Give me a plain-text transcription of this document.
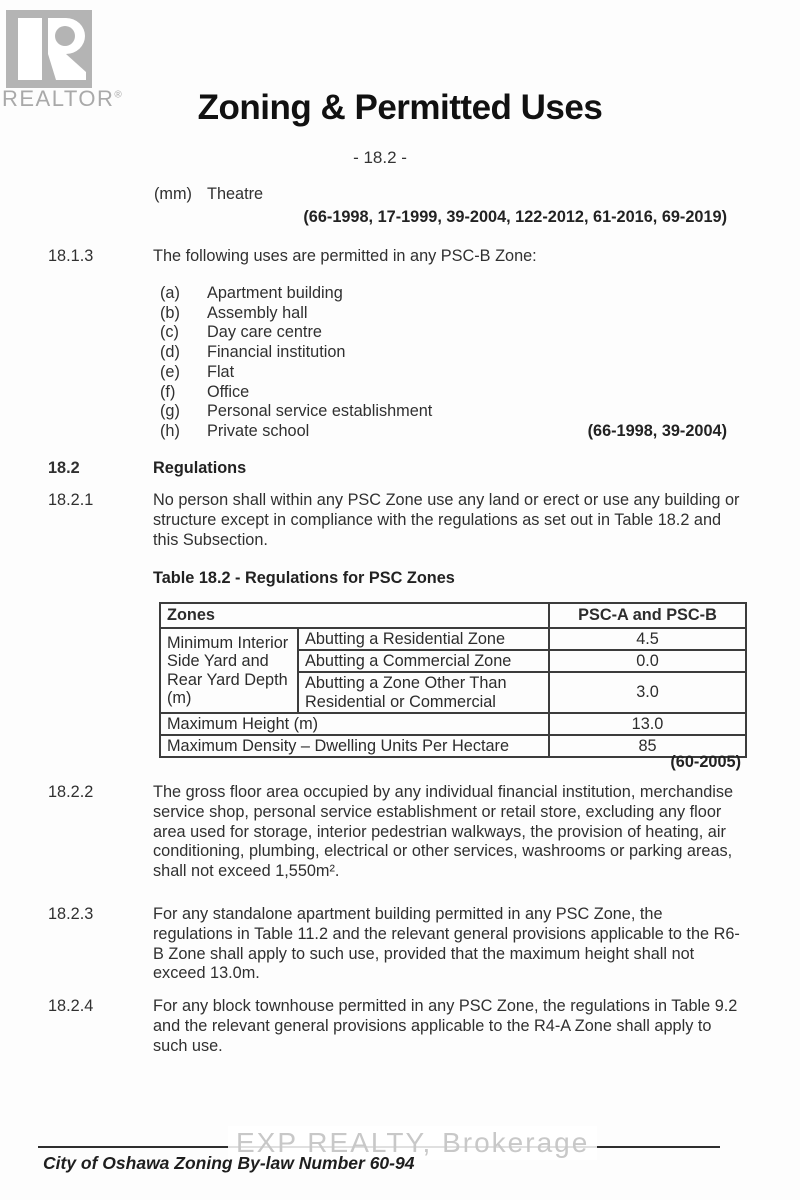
REALTOR®	Zoning & Permitted Uses
- 18.2 -
(mm) Theatre
(66-1998, 17-1999, 39-2004, 122-2012, 61-2016, 69-2019)
18.1.3	The following uses are permitted in any PSC-B Zone:
(a) Apartment building
(b) Assembly hall
(c) Day care centre
(d) Financial institution
(e) Flat
(f) Office
(g) Personal service establishment
(h) Private school	(66-1998, 39-2004)
18.2	Regulations
18.2.1	No person shall within any PSC Zone use any land or erect or use any building or structure except in compliance with the regulations as set out in Table 18.2 and this Subsection.
Table 18.2 - Regulations for PSC Zones
Zones		PSC-A and PSC-B
Minimum Interior Side Yard and Rear Yard Depth (m)	Abutting a Residential Zone	4.5
	Abutting a Commercial Zone	0.0
	Abutting a Zone Other Than Residential or Commercial	3.0
Maximum Height (m)		13.0
Maximum Density – Dwelling Units Per Hectare		85
(60-2005)
18.2.2	The gross floor area occupied by any individual financial institution, merchandise service shop, personal service establishment or retail store, excluding any floor area used for storage, interior pedestrian walkways, the provision of heating, air conditioning, plumbing, electrical or other services, washrooms or parking areas, shall not exceed 1,550m².
18.2.3	For any standalone apartment building permitted in any PSC Zone, the regulations in Table 11.2 and the relevant general provisions applicable to the R6-B Zone shall apply to such use, provided that the maximum height shall not exceed 13.0m.
18.2.4	For any block townhouse permitted in any PSC Zone, the regulations in Table 9.2 and the relevant general provisions applicable to the R4-A Zone shall apply to such use.
EXP REALTY, Brokerage
City of Oshawa Zoning By-law Number 60-94
